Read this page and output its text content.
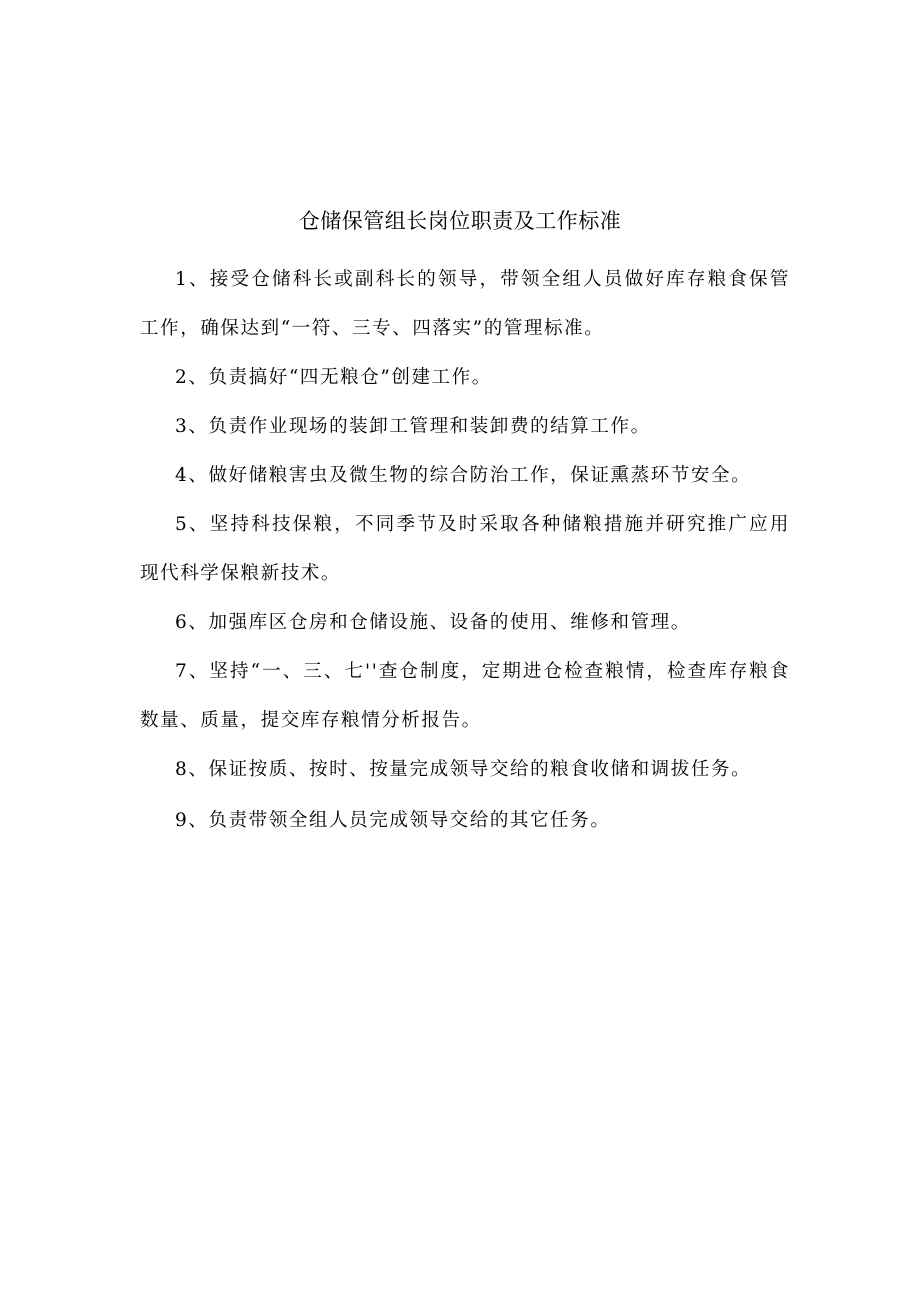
仓储保管组长岗位职责及工作标准

1、接受仓储科长或副科长的领导，带领全组人员做好库存粮食保管工作，确保达到“一符、三专、四落实”的管理标准。

2、负责搞好“四无粮仓”创建工作。

3、负责作业现场的装卸工管理和装卸费的结算工作。

4、做好储粮害虫及微生物的综合防治工作，保证熏蒸环节安全。

5、坚持科技保粮，不同季节及时采取各种储粮措施并研究推广应用现代科学保粮新技术。

6、加强库区仓房和仓储设施、设备的使用、维修和管理。

7、坚持“一、三、七''查仓制度，定期进仓检查粮情，检查库存粮食数量、质量，提交库存粮情分析报告。

8、保证按质、按时、按量完成领导交给的粮食收储和调拔任务。

9、负责带领全组人员完成领导交给的其它任务。
